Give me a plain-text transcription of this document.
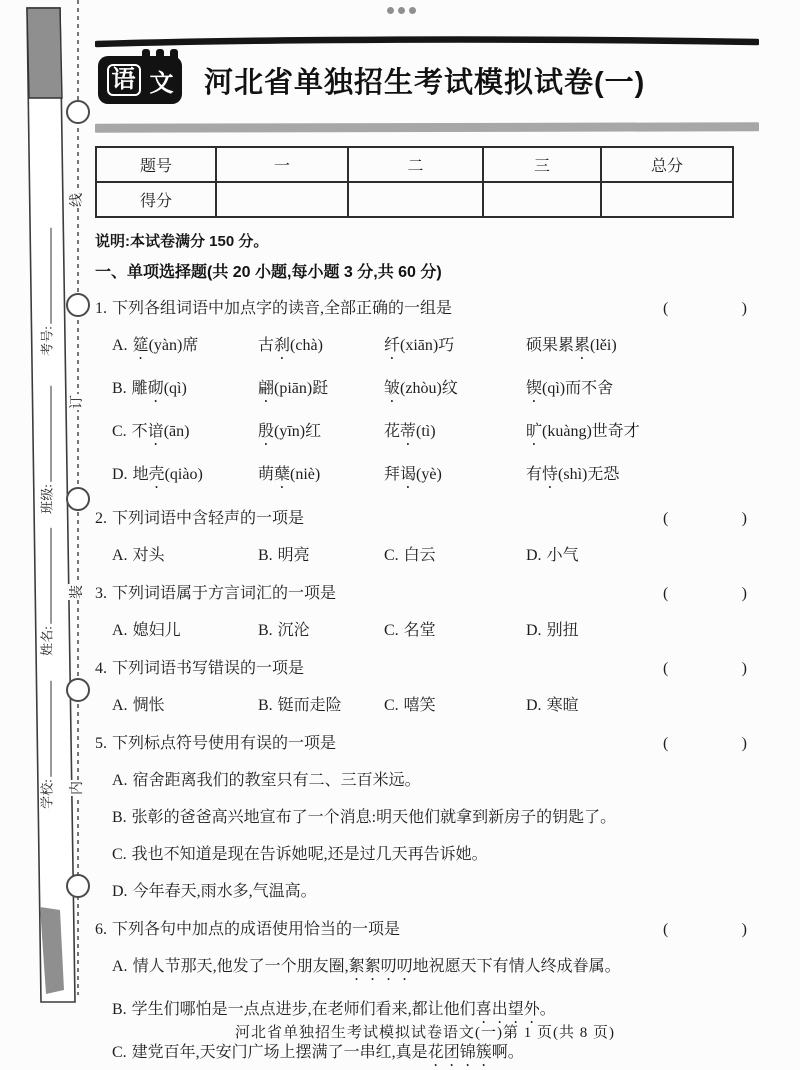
考号:
班级:
姓名:
学校:
线
订
装
内
语 文 河北省单独招生考试模拟试卷(一)
题号	一	二	三	总分
得分				
说明:本试卷满分 150 分。
一、单项选择题(共 20 小题,每小题 3 分,共 60 分)
1. 下列各组词语中加点字的读音,全部正确的一组是	(	)
A. 筵(yàn)席	古刹(chà)	纤(xiān)巧	硕果累累(lěi)
B. 雕砌(qì)	翩(piān)跹	皱(zhòu)纹	锲(qì)而不舍
C. 不谙(ān)	殷(yīn)红	花蒂(tì)	旷(kuàng)世奇才
D. 地壳(qiào)	萌蘖(niè)	拜谒(yè)	有恃(shì)无恐
2. 下列词语中含轻声的一项是	(	)
A. 对头	B. 明亮	C. 白云	D. 小气
3. 下列词语属于方言词汇的一项是	(	)
A. 媳妇儿	B. 沉沦	C. 名堂	D. 别扭
4. 下列词语书写错误的一项是	(	)
A. 惆怅	B. 铤而走险	C. 嘻笑	D. 寒暄
5. 下列标点符号使用有误的一项是	(	)
A. 宿舍距离我们的教室只有二、三百米远。
B. 张彰的爸爸高兴地宣布了一个消息:明天他们就拿到新房子的钥匙了。
C. 我也不知道是现在告诉她呢,还是过几天再告诉她。
D. 今年春天,雨水多,气温高。
6. 下列各句中加点的成语使用恰当的一项是	(	)
A. 情人节那天,他发了一个朋友圈,絮絮叨叨地祝愿天下有情人终成眷属。
B. 学生们哪怕是一点点进步,在老师们看来,都让他们喜出望外。
C. 建党百年,天安门广场上摆满了一串红,真是花团锦簇啊。
河北省单独招生考试模拟试卷语文(一)第 1 页(共 8 页)
